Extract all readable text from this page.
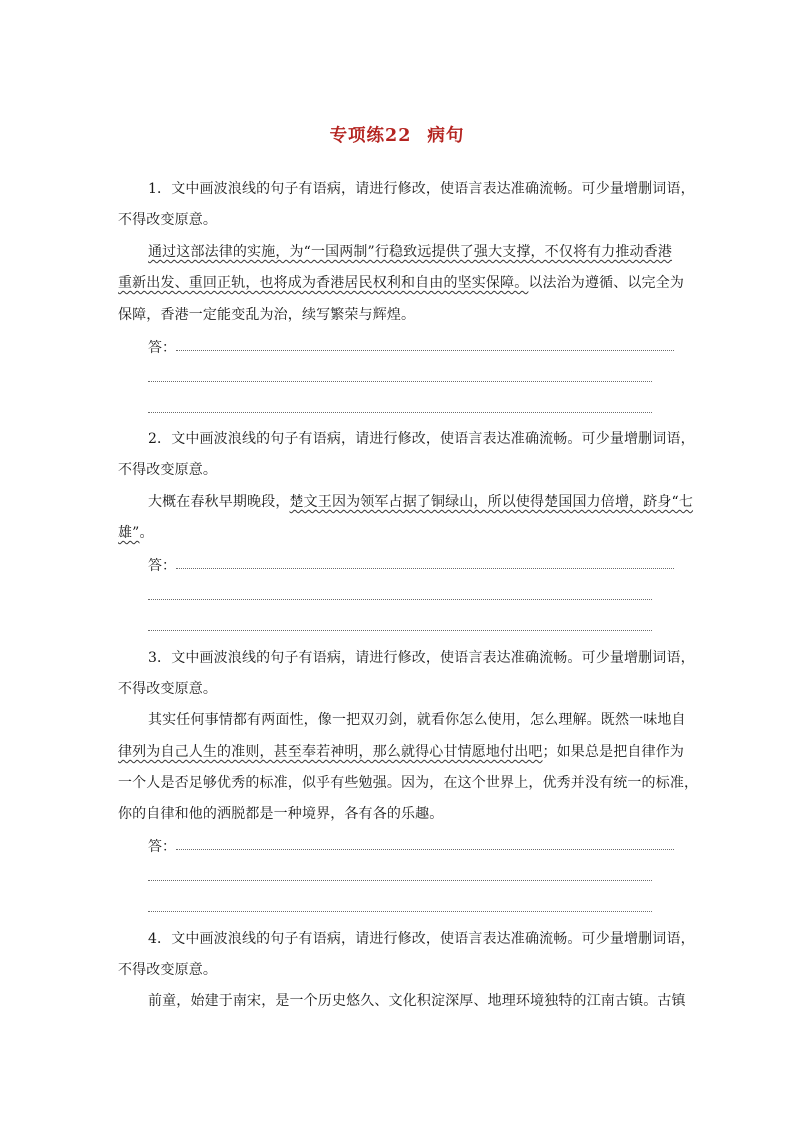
专项练22 病句
1．文中画波浪线的句子有语病，请进行修改，使语言表达准确流畅。可少量增删词语，
不得改变原意。
通过这部法律的实施，为“一国两制”行稳致远提供了强大支撑，不仅将有力推动香港
重新出发、重回正轨，也将成为香港居民权利和自由的坚实保障。以法治为遵循、以完全为
保障，香港一定能变乱为治，续写繁荣与辉煌。
答：
2．文中画波浪线的句子有语病，请进行修改，使语言表达准确流畅。可少量增删词语，
不得改变原意。
大概在春秋早期晚段，楚文王因为领军占据了铜绿山，所以使得楚国国力倍增，跻身“七
雄”。
答：
3．文中画波浪线的句子有语病，请进行修改，使语言表达准确流畅。可少量增删词语，
不得改变原意。
其实任何事情都有两面性，像一把双刃剑，就看你怎么使用，怎么理解。既然一味地自
律列为自己人生的准则，甚至奉若神明，那么就得心甘情愿地付出吧；如果总是把自律作为
一个人是否足够优秀的标准，似乎有些勉强。因为，在这个世界上，优秀并没有统一的标准，
你的自律和他的洒脱都是一种境界，各有各的乐趣。
答：
4．文中画波浪线的句子有语病，请进行修改，使语言表达准确流畅。可少量增删词语，
不得改变原意。
前童，始建于南宋，是一个历史悠久、文化积淀深厚、地理环境独特的江南古镇。古镇
